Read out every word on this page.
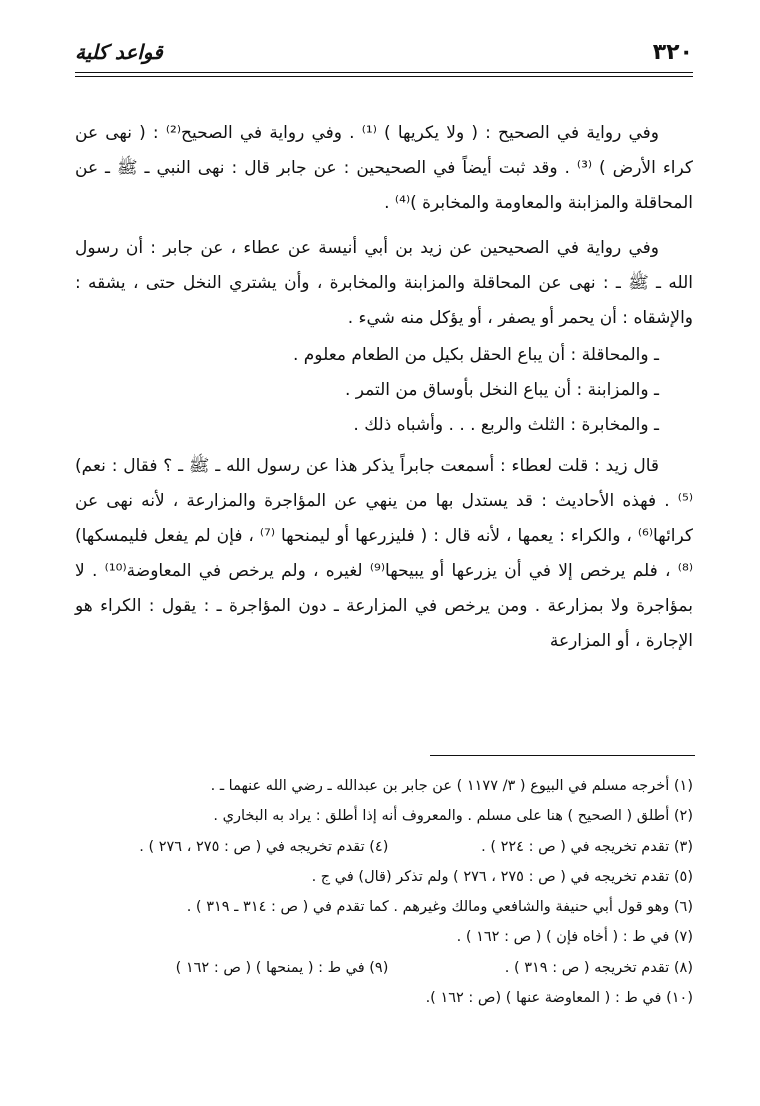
٣٢٠
قواعد كلية

وفي رواية في الصحيح : ( ولا يكريها ) ⁽¹⁾ . وفي رواية في الصحيح⁽²⁾ : ( نهى عن كراء الأرض ) ⁽³⁾ . وقد ثبت أيضاً في الصحيحين : عن جابر قال : نهى النبي ـ ﷺ ـ عن المحاقلة والمزابنة والمعاومة والمخابرة )⁽⁴⁾ .

وفي رواية في الصحيحين عن زيد بن أبي أنيسة عن عطاء ، عن جابر : أن رسول الله ـ ﷺ ـ : نهى عن المحاقلة والمزابنة والمخابرة ، وأن يشتري النخل حتى ، يشقه : والإشقاه : أن يحمر أو يصفر ، أو يؤكل منه شيء .

ـ والمحاقلة : أن يباع الحقل بكيل من الطعام معلوم .

ـ والمزابنة : أن يباع النخل بأوساق من التمر .

ـ والمخابرة : الثلث والربع . . . وأشباه ذلك .

قال زيد : قلت لعطاء : أسمعت جابراً يذكر هذا عن رسول الله ـ ﷺ ـ ؟ فقال : نعم)⁽⁵⁾ . فهذه الأحاديث : قد يستدل بها من ينهي عن المؤاجرة والمزارعة ، لأنه نهى عن كرائها⁽⁶⁾ ، والكراء : يعمها ، لأنه قال : ( فليزرعها أو ليمنحها ⁽⁷⁾ ، فإن لم يفعل فليمسكها)⁽⁸⁾ ، فلم يرخص إلا في أن يزرعها أو يبيحها⁽⁹⁾ لغيره ، ولم يرخص في المعاوضة⁽¹⁰⁾ . لا بمؤاجرة ولا بمزارعة . ومن يرخص في المزارعة ـ دون المؤاجرة ـ : يقول : الكراء هو الإجارة ، أو المزارعة

(١) أخرجه مسلم في البيوع ( ٣/ ١١٧٧ ) عن جابر بن عبدالله ـ رضي الله عنهما ـ .
(٢) أطلق ( الصحيح ) هنا على مسلم . والمعروف أنه إذا أطلق : يراد به البخاري .
(٣) تقدم تخريجه في ( ص : ٢٢٤ ) . (٤) تقدم تخريجه في ( ص : ٢٧٥ ، ٢٧٦ ) .
(٥) تقدم تخريجه في ( ص : ٢٧٥ ، ٢٧٦ ) ولم تذكر (قال) في ج .
(٦) وهو قول أبي حنيفة والشافعي ومالك وغيرهم . كما تقدم في ( ص : ٣١٤ ـ ٣١٩ ) .
(٧) في ط : ( أخاه فإن ) ( ص : ١٦٢ ) .
(٨) تقدم تخريجه ( ص : ٣١٩ ) . (٩) في ط : ( يمنحها ) ( ص : ١٦٢ )
(١٠) في ط : ( المعاوضة عنها ) (ص : ١٦٢ ).
